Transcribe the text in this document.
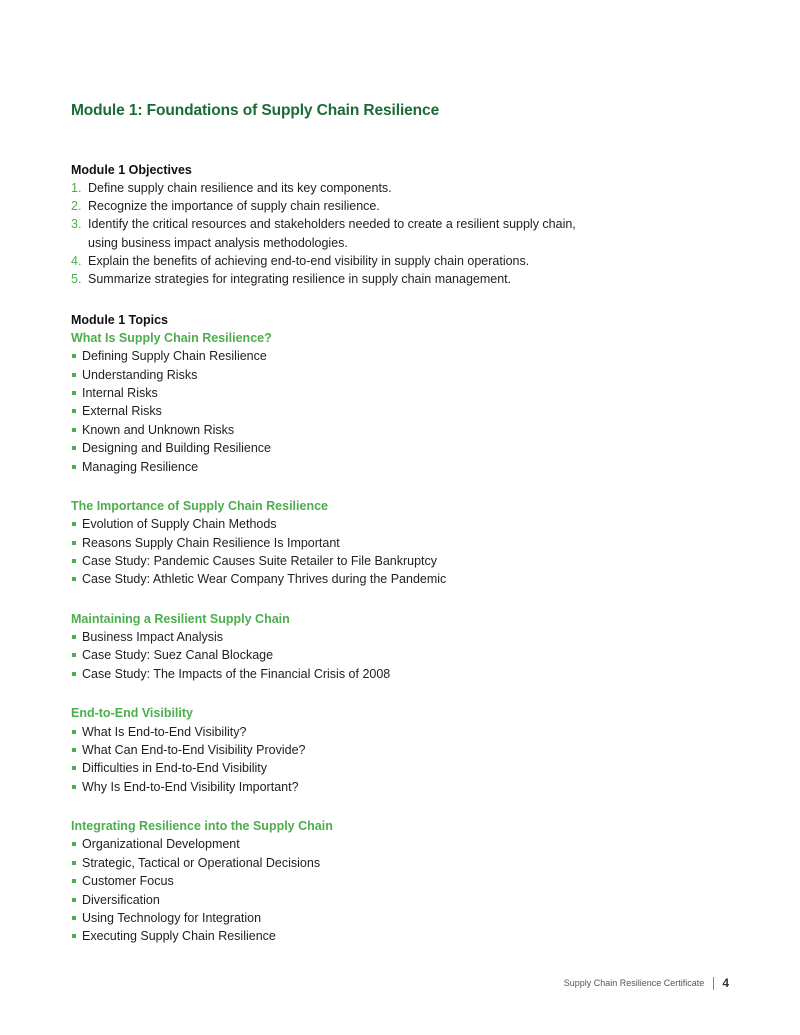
Module 1: Foundations of Supply Chain Resilience
Module 1 Objectives
1. Define supply chain resilience and its key components.
2. Recognize the importance of supply chain resilience.
3. Identify the critical resources and stakeholders needed to create a resilient supply chain,
using business impact analysis methodologies.
4. Explain the benefits of achieving end-to-end visibility in supply chain operations.
5. Summarize strategies for integrating resilience in supply chain management.
Module 1 Topics
What Is Supply Chain Resilience?
Defining Supply Chain Resilience
Understanding Risks
Internal Risks
External Risks
Known and Unknown Risks
Designing and Building Resilience
Managing Resilience
The Importance of Supply Chain Resilience
Evolution of Supply Chain Methods
Reasons Supply Chain Resilience Is Important
Case Study: Pandemic Causes Suite Retailer to File Bankruptcy
Case Study: Athletic Wear Company Thrives during the Pandemic
Maintaining a Resilient Supply Chain
Business Impact Analysis
Case Study: Suez Canal Blockage
Case Study: The Impacts of the Financial Crisis of 2008
End-to-End Visibility
What Is End-to-End Visibility?
What Can End-to-End Visibility Provide?
Difficulties in End-to-End Visibility
Why Is End-to-End Visibility Important?
Integrating Resilience into the Supply Chain
Organizational Development
Strategic, Tactical or Operational Decisions
Customer Focus
Diversification
Using Technology for Integration
Executing Supply Chain Resilience
Supply Chain Resilience Certificate 4
